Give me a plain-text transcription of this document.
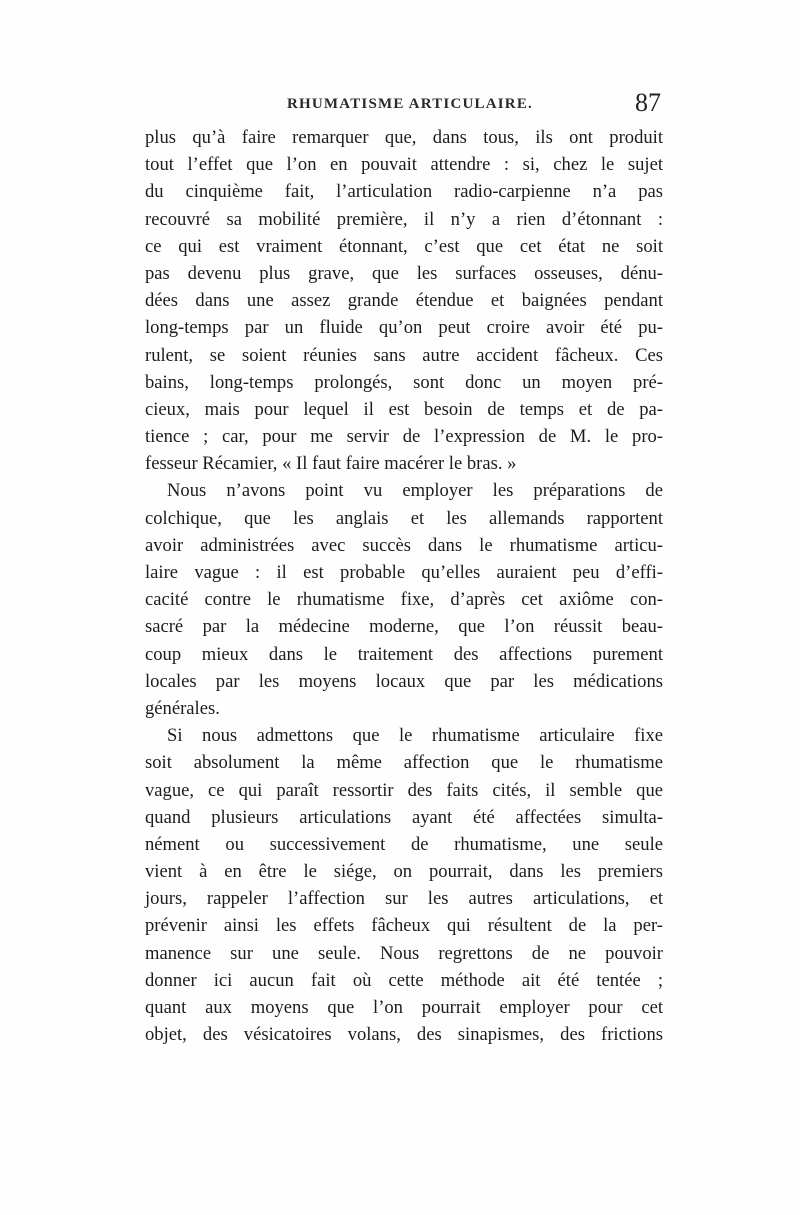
RHUMATISME ARTICULAIRE.	87
plus qu’à faire remarquer que, dans tous, ils ont produit
tout l’effet que l’on en pouvait attendre : si, chez le sujet
du cinquième fait, l’articulation radio-carpienne n’a pas
recouvré sa mobilité première, il n’y a rien d’étonnant :
ce qui est vraiment étonnant, c’est que cet état ne soit
pas devenu plus grave, que les surfaces osseuses, dénu-
dées dans une assez grande étendue et baignées pendant
long-temps par un fluide qu’on peut croire avoir été pu-
rulent, se soient réunies sans autre accident fâcheux. Ces
bains, long-temps prolongés, sont donc un moyen pré-
cieux, mais pour lequel il est besoin de temps et de pa-
tience ; car, pour me servir de l’expression de M. le pro-
fesseur Récamier, « Il faut faire macérer le bras. »
Nous n’avons point vu employer les préparations de
colchique, que les anglais et les allemands rapportent
avoir administrées avec succès dans le rhumatisme articu-
laire vague : il est probable qu’elles auraient peu d’effi-
cacité contre le rhumatisme fixe, d’après cet axiôme con-
sacré par la médecine moderne, que l’on réussit beau-
coup mieux dans le traitement des affections purement
locales par les moyens locaux que par les médications
générales.
Si nous admettons que le rhumatisme articulaire fixe
soit absolument la même affection que le rhumatisme
vague, ce qui paraît ressortir des faits cités, il semble que
quand plusieurs articulations ayant été affectées simulta-
nément ou successivement de rhumatisme, une seule
vient à en être le siége, on pourrait, dans les premiers
jours, rappeler l’affection sur les autres articulations, et
prévenir ainsi les effets fâcheux qui résultent de la per-
manence sur une seule. Nous regrettons de ne pouvoir
donner ici aucun fait où cette méthode ait été tentée ;
quant aux moyens que l’on pourrait employer pour cet
objet, des vésicatoires volans, des sinapismes, des frictions
